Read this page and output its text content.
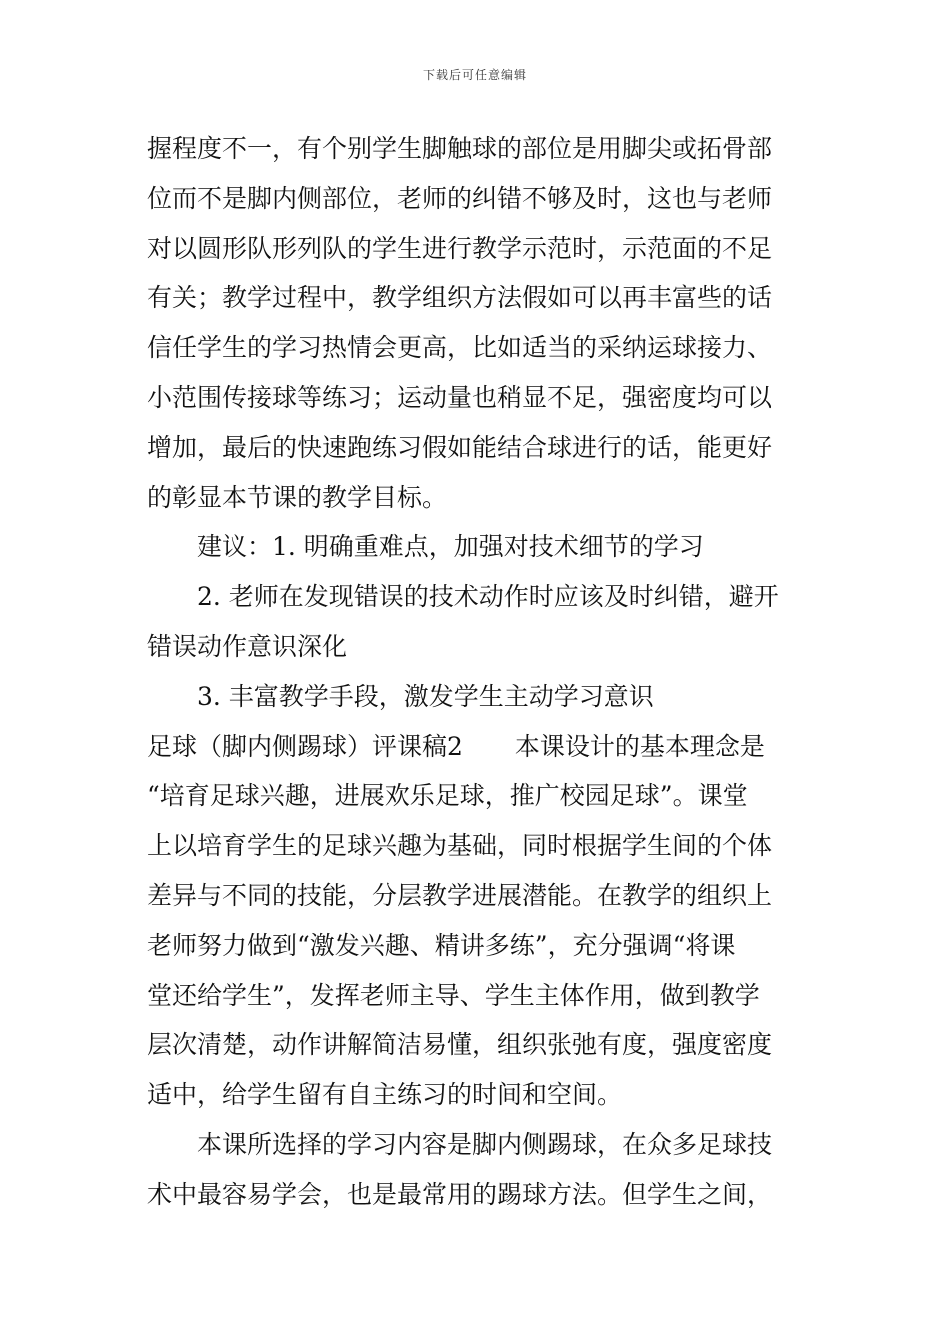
下载后可任意编辑
握程度不一，有个别学生脚触球的部位是用脚尖或拓骨部
位而不是脚内侧部位，老师的纠错不够及时，这也与老师
对以圆形队形列队的学生进行教学示范时，示范面的不足
有关；教学过程中，教学组织方法假如可以再丰富些的话
信任学生的学习热情会更高，比如适当的采纳运球接力、
小范围传接球等练习；运动量也稍显不足，强密度均可以
增加，最后的快速跑练习假如能结合球进行的话，能更好
的彰显本节课的教学目标。
建议：1. 明确重难点，加强对技术细节的学习
2. 老师在发现错误的技术动作时应该及时纠错，避开
错误动作意识深化
3. 丰富教学手段，激发学生主动学习意识
足球（脚内侧踢球）评课稿2 本课设计的基本理念是
“培育足球兴趣，进展欢乐足球，推广校园足球”。课堂
上以培育学生的足球兴趣为基础，同时根据学生间的个体
差异与不同的技能，分层教学进展潜能。在教学的组织上
老师努力做到“激发兴趣、精讲多练”，充分强调“将课
堂还给学生”，发挥老师主导、学生主体作用，做到教学
层次清楚，动作讲解简洁易懂，组织张弛有度，强度密度
适中，给学生留有自主练习的时间和空间。
本课所选择的学习内容是脚内侧踢球，在众多足球技
术中最容易学会，也是最常用的踢球方法。但学生之间，
